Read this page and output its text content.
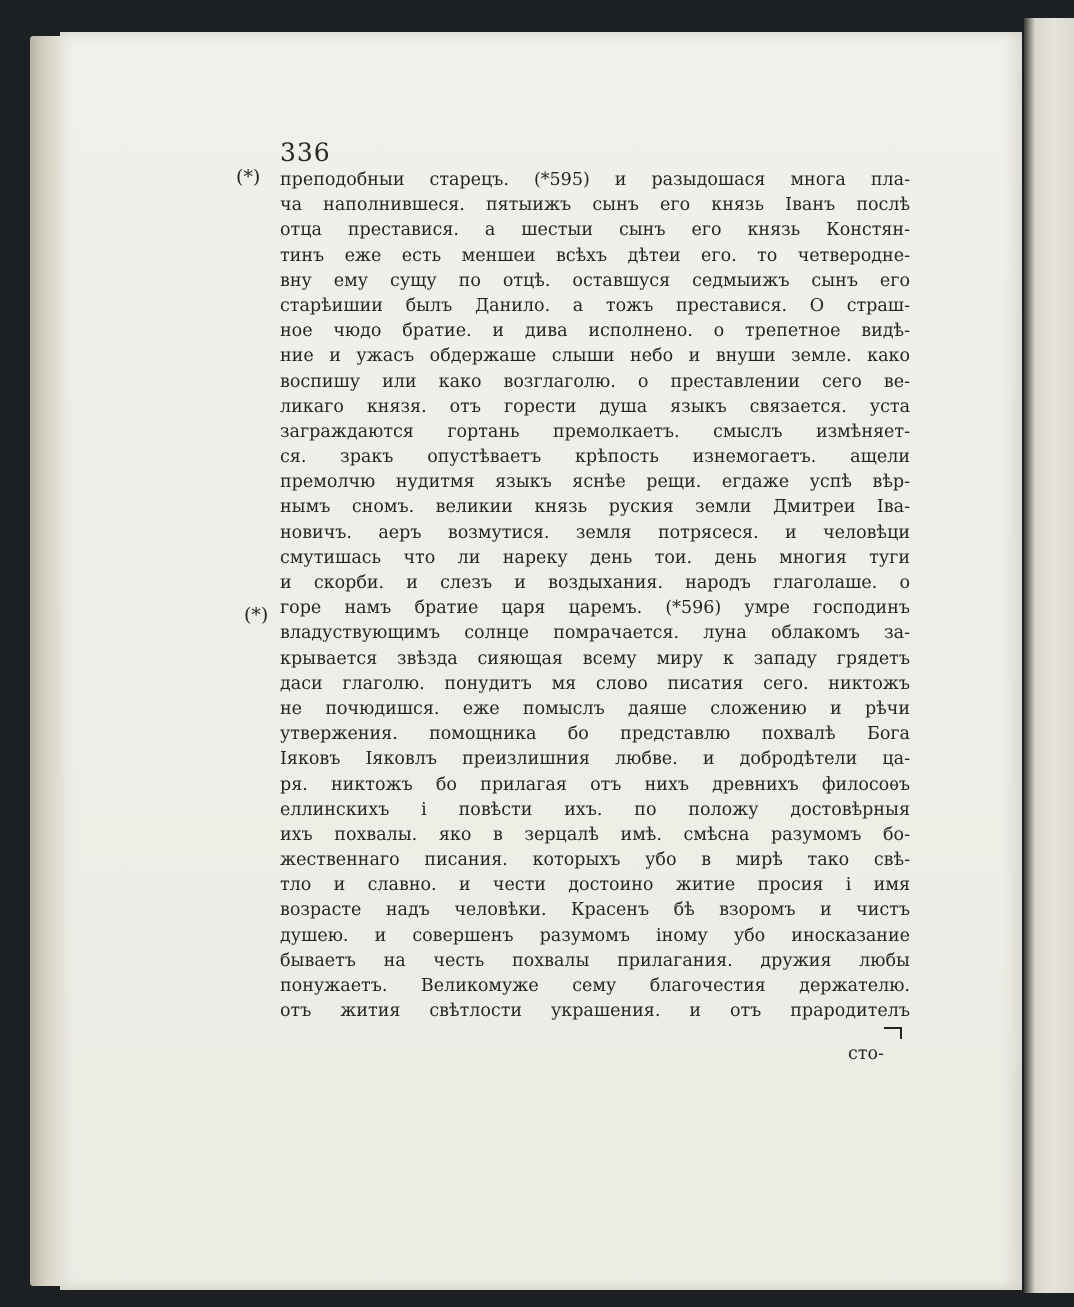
336
(*)
(*)
преподобныи старецъ. (*595) и разыдошася многа пла-
ча наполнившеся. пятыижъ сынъ его князь Іванъ послѣ
отца преставися. а шестыи сынъ его князь Констян-
тинъ еже есть меншеи всѣхъ дѣтеи его. то четвероднe-
вну ему сущу по отцѣ. оставшуся седмыижъ сынъ его
старѣишии былъ Данило. а тожъ преставися. О страш-
ное чюдо братие. и дива исполнено. о трепетное видѣ-
ние и ужасъ обдержаше слыши небо и внуши земле. како
воспишу или како возглаголю. о преставлении сего ве-
ликаго князя. отъ горести душа языкъ связается. уста
заграждаются гортань премолкаетъ. смыслъ измѣняет-
ся. зракъ опустѣваетъ крѣпость изнемогаетъ. ащели
премолчю нудитмя языкъ яснѣе рещи. егдаже успѣ вѣр-
нымъ сномъ. великии князь руския земли Дмитреи Іва-
новичъ. аеръ возмутися. земля потрясеся. и человѣци
смутишась что ли нареку день тои. день многия туги
и скорби. и слезъ и воздыхания. народъ глаголаше. о
горе намъ братие царя царемъ. (*596) умре господинъ
владуствующимъ солнце помрачается. луна облакомъ за-
крывается звѣзда сияющая всему миру к западу грядетъ
даси глаголю. понудитъ мя слово писатия сего. никтожъ
не почюдишся. еже помыслъ даяше сложению и рѣчи
утвержения. помощника бо представлю похвалѣ Бога
Іяковъ Іяковлъ преизлишния любве. и добродѣтели ца-
ря. никтожъ бо прилагая отъ нихъ древнихъ филосоѳъ
еллинскихъ і повѣсти ихъ. по положу достовѣрныя
ихъ похвалы. яко в зерцалѣ имѣ. смѣсна разумомъ бо-
жественнаго писания. которыхъ убо в мирѣ тако свѣ-
тло и славно. и чести достоино житие просия і имя
возрасте надъ человѣки. Красенъ бѣ взоромъ и чистъ
душею. и совершенъ разумомъ іному убо иносказание
бываетъ на честь похвалы прилагания. дружия любы
понужаетъ. Великомуже сему благочестия держателю.
отъ жития свѣтлости украшения. и отъ прародителъ
сто-
